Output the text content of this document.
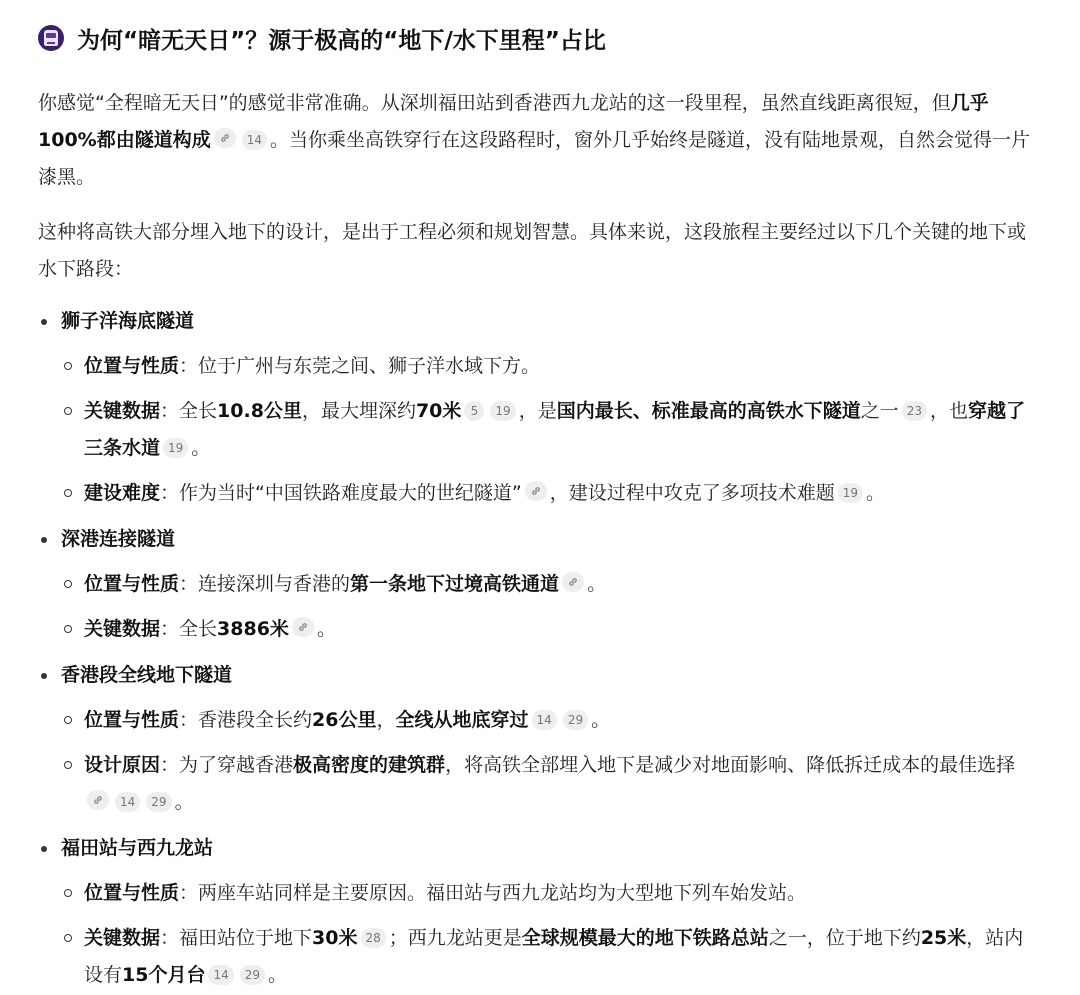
为何“暗无天日”？源于极高的“地下/水下里程”占比

你感觉“全程暗无天日”的感觉非常准确。从深圳福田站到香港西九龙站的这一段里程，虽然直线距离很短，但几乎100%都由隧道构成	14 。当你乘坐高铁穿行在这段路程时，窗外几乎始终是隧道，没有陆地景观，自然会觉得一片漆黑。

这种将高铁大部分埋入地下的设计，是出于工程必须和规划智慧。具体来说，这段旅程主要经过以下几个关键的地下或水下路段：

狮子洋海底隧道
位置与性质：位于广州与东莞之间、狮子洋水域下方。
关键数据：全长10.8公里，最大埋深约70米 5 19 ，是国内最长、标准最高的高铁水下隧道之一 23 ，也穿越了三条水道 19 。
建设难度：作为当时“中国铁路难度最大的世纪隧道” ，建设过程中攻克了多项技术难题 19 。
深港连接隧道
位置与性质：连接深圳与香港的第一条地下过境高铁通道 。
关键数据：全长3886米 。
香港段全线地下隧道
位置与性质：香港段全长约26公里，全线从地底穿过 14 29 。
设计原因：为了穿越香港极高密度的建筑群，将高铁全部埋入地下是减少对地面影响、降低拆迁成本的最佳选择
14 29 。
福田站与西九龙站
位置与性质：两座车站同样是主要原因。福田站与西九龙站均为大型地下列车始发站。
关键数据：福田站位于地下30米 28 ；西九龙站更是全球规模最大的地下铁路总站之一，位于地下约25米，站内设有15个月台 14 29 。
